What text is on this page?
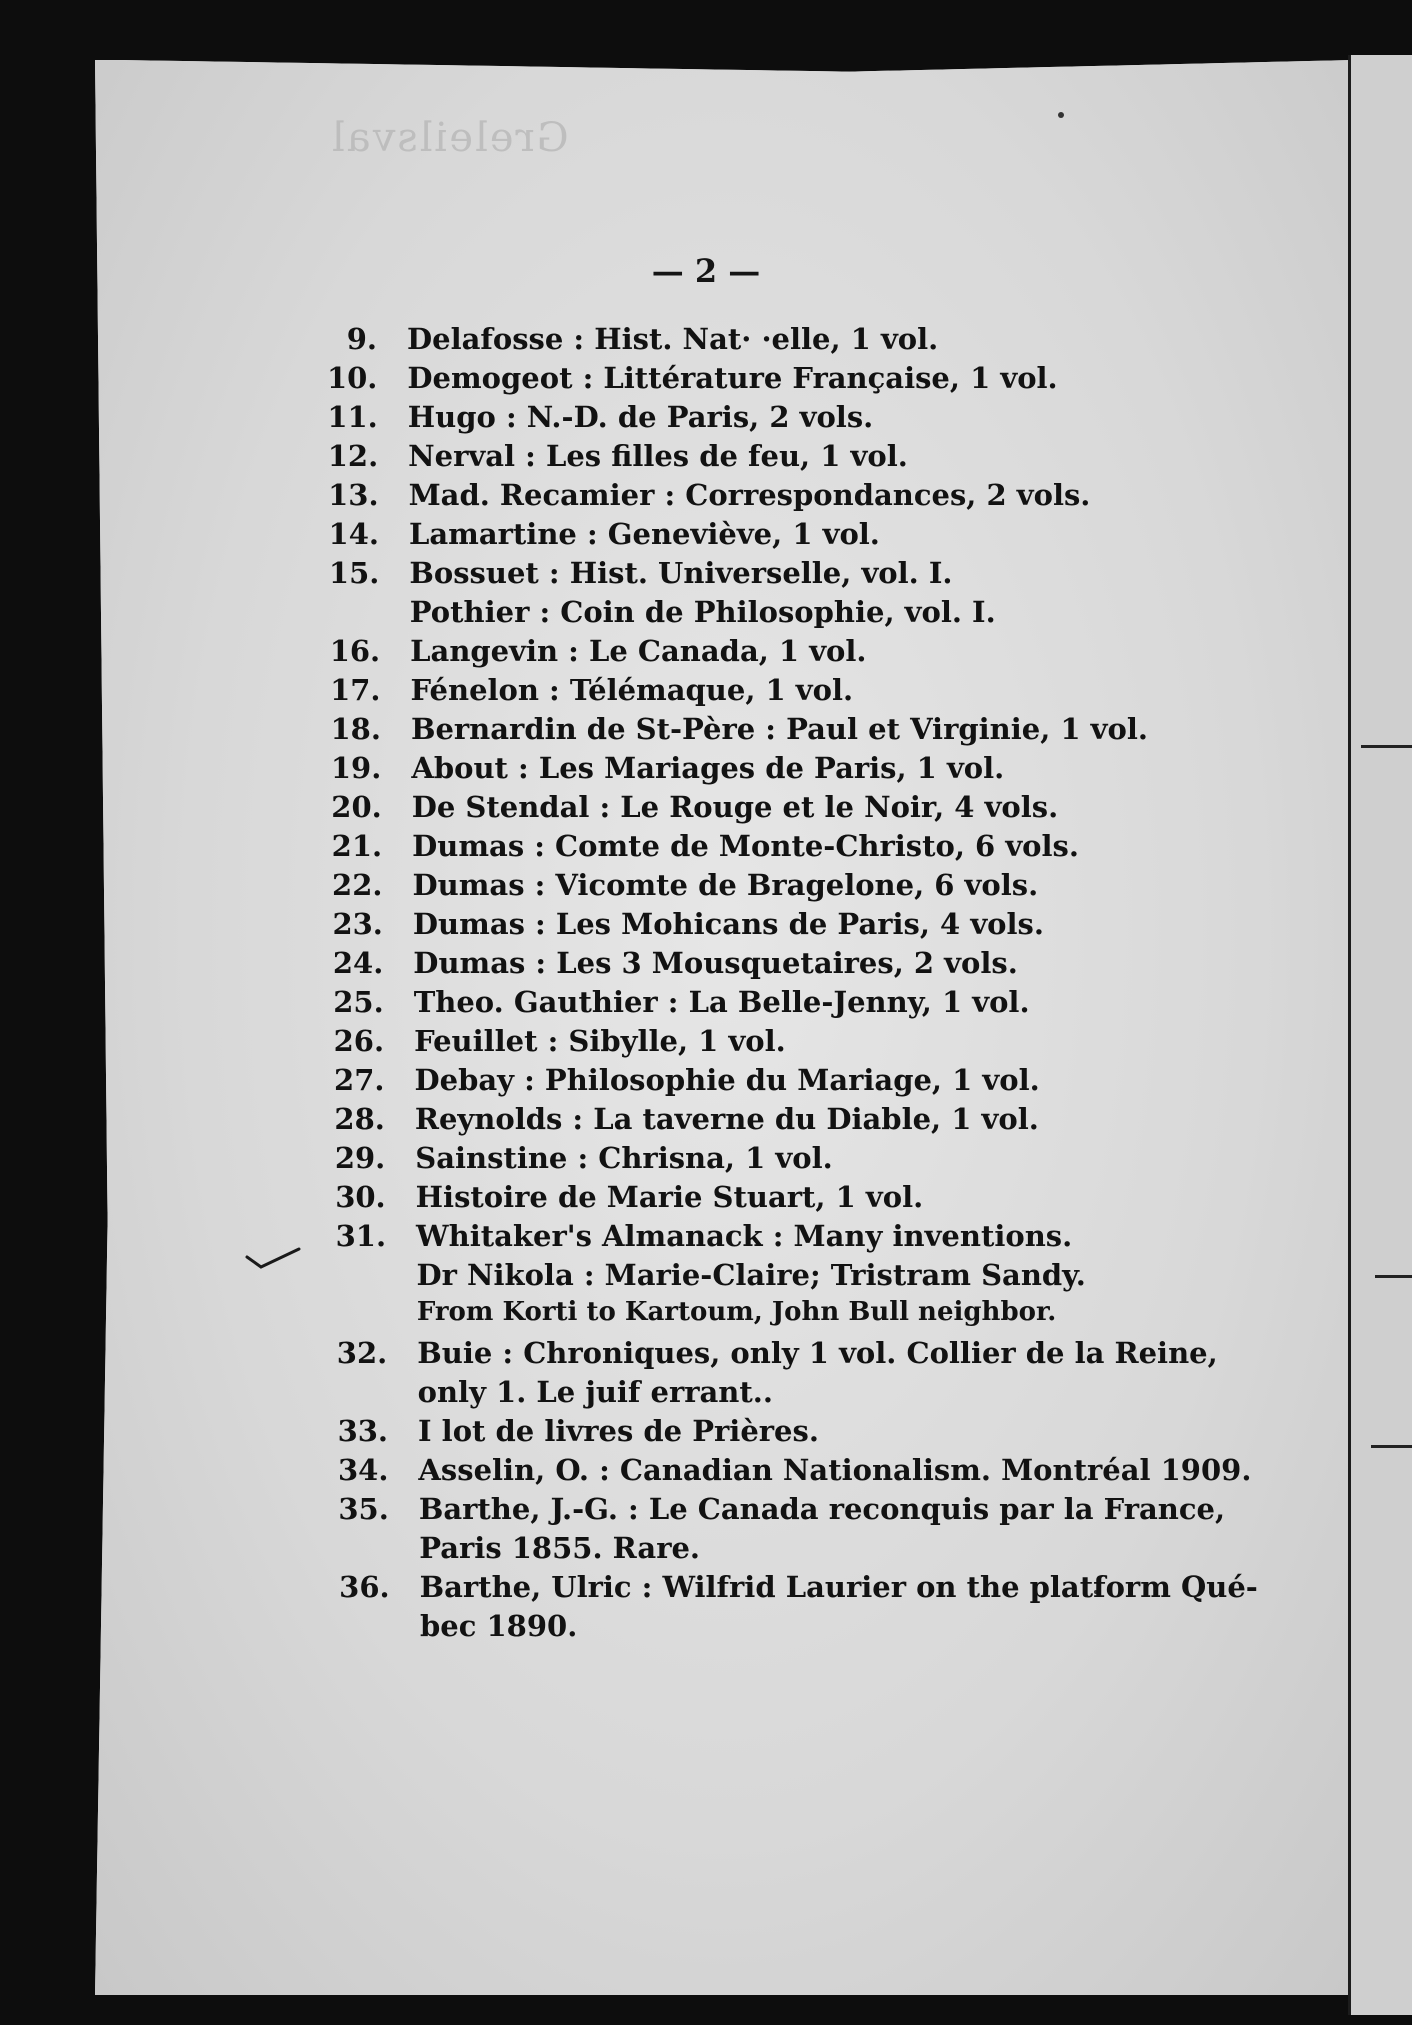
Greleilsval
— 2 —
9. Delafosse : Hist. Nat· ·elle, 1 vol.
10. Demogeot : Littérature Française, 1 vol.
11. Hugo : N.-D. de Paris, 2 vols.
12. Nerval : Les filles de feu, 1 vol.
13. Mad. Recamier : Correspondances, 2 vols.
14. Lamartine : Geneviève, 1 vol.
15. Bossuet : Hist. Universelle, vol. I.
Pothier : Coin de Philosophie, vol. I.
16. Langevin : Le Canada, 1 vol.
17. Fénelon : Télémaque, 1 vol.
18. Bernardin de St-Père : Paul et Virginie, 1 vol.
19. About : Les Mariages de Paris, 1 vol.
20. De Stendal : Le Rouge et le Noir, 4 vols.
21. Dumas : Comte de Monte-Christo, 6 vols.
22. Dumas : Vicomte de Bragelone, 6 vols.
23. Dumas : Les Mohicans de Paris, 4 vols.
24. Dumas : Les 3 Mousquetaires, 2 vols.
25. Theo. Gauthier : La Belle-Jenny, 1 vol.
26. Feuillet : Sibylle, 1 vol.
27. Debay : Philosophie du Mariage, 1 vol.
28. Reynolds : La taverne du Diable, 1 vol.
29. Sainstine : Chrisna, 1 vol.
30. Histoire de Marie Stuart, 1 vol.
31. Whitaker's Almanack : Many inventions.
Dr Nikola : Marie-Claire; Tristram Sandy.
From Korti to Kartoum, John Bull neighbor.
32. Buie : Chroniques, only 1 vol. Collier de la Reine,
only 1. Le juif errant..
33. I lot de livres de Prières.
34. Asselin, O. : Canadian Nationalism. Montréal 1909.
35. Barthe, J.-G. : Le Canada reconquis par la France,
Paris 1855. Rare.
36. Barthe, Ulric : Wilfrid Laurier on the platform Qué-
bec 1890.
